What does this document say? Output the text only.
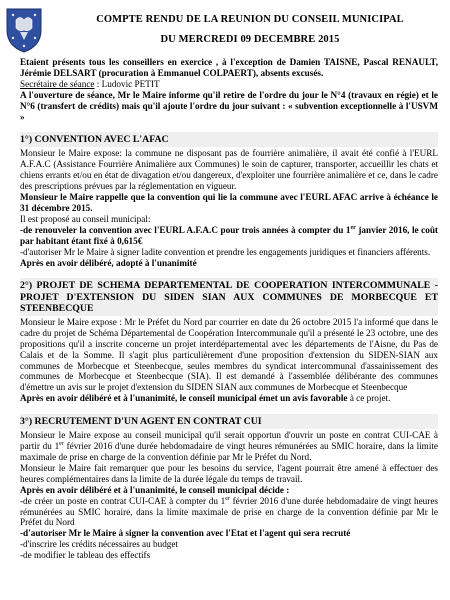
COMPTE RENDU DE LA REUNION DU CONSEIL MUNICIPAL
DU MERCREDI 09 DECEMBRE 2015

Etaient présents tous les conseillers en exercice , à l'exception de Damien TAISNE, Pascal RENAULT, Jérémie DELSART (procuration à Emmanuel COLPAERT), absents excusés.

Secrétaire de séance : Ludovic PETIT

A l'ouverture de séance, Mr le Maire informe qu'il retire de l'ordre du jour le N°4 (travaux en régie) et le N°6 (transfert de crédits) mais qu'il ajoute l'ordre du jour suivant : « subvention exceptionnelle à l'USVM »

1°) CONVENTION AVEC L'AFAC

Monsieur le Maire expose: la commune ne disposant pas de fourrière animalière, il avait été confié à l'EURL A.F.A.C (Assistance Fourrière Animalière aux Communes) le soin de capturer, transporter, accueillir les chats et chiens errants et/ou en état de divagation et/ou dangereux, d'exploiter une fourrière animalière et ce, dans le cadre des prescriptions prévues par la réglementation en vigueur.

Monsieur le Maire rappelle que la convention qui lie la commune avec l'EURL AFAC arrive à échéance le 31 décembre 2015.

Il est proposé au conseil municipal:

-de renouveler la convention avec l'EURL A.F.A.C pour trois années à compter du 1er janvier 2016, le coût par habitant étant fixé à 0,615€

-d'autoriser Mr le Maire à signer ladite convention et prendre les engagements juridiques et financiers afférents.

Après en avoir délibéré, adopté à l'unanimité

2°) PROJET DE SCHEMA DEPARTEMENTAL DE COOPERATION INTERCOMMUNALE - PROJET D'EXTENSION DU SIDEN SIAN AUX COMMUNES DE MORBECQUE ET STEENBECQUE

Monsieur le Maire expose : Mr le Préfet du Nord par courrier en date du 26 octobre 2015 l'a informé que dans le cadre du projet de Schéma Départemental de Coopération Intercommunale qu'il a présenté le 23 octobre, une des propositions qu'il a inscrite concerne un projet interdépartemental avec les départements de l'Aisne, du Pas de Calais et de la Somme. Il s'agit plus particulièrement d'une proposition d'extension du SIDEN-SIAN aux communes de Morbecque et Steenbecque, seules membres du syndicat intercommunal d'assainissement des communes de Morbecque et Steenbecque (SIA). Il est demandé à l'assemblée délibérante des communes d'émettre un avis sur le projet d'extension du SIDEN SIAN aux communes de Morbecque et Steenbecque

Après en avoir délibéré et à l'unanimité, le conseil municipal émet un avis favorable à ce projet.

3°) RECRUTEMENT D'UN AGENT EN CONTRAT CUI

Monsieur le Maire expose au conseil municipal qu'il serait opportun d'ouvrir un poste en contrat CUI-CAE à partir du 1er février 2016 d'une durée hebdomadaire de vingt heures rémunérées au SMIC horaire, dans la limite maximale de prise en charge de la convention définie par Mr le Préfet du Nord.

Monsieur le Maire fait remarquer que pour les besoins du service, l'agent pourrait être amené à effectuer des heures complémentaires dans la limite de la durée légale du temps de travail.

Après en avoir délibéré et à l'unanimité, le conseil municipal décide :

-de créer un poste en contrat CUI-CAE à compter du 1er février 2016 d'une durée hebdomadaire de vingt heures rémunérées au SMIC horaire, dans la limite maximale de prise en charge de la convention définie par Mr le Préfet du Nord

-d'autoriser Mr le Maire à signer la convention avec l'Etat et l'agent qui sera recruté

-d'inscrire les crédits nécessaires au budget

-de modifier le tableau des effectifs
